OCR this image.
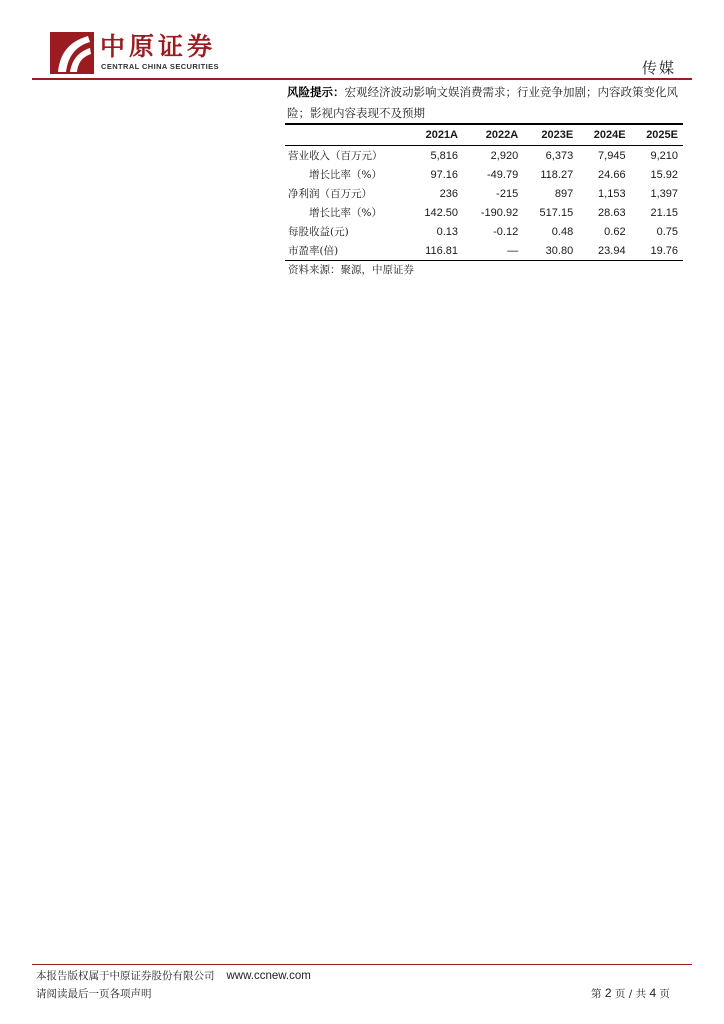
中原证券
CENTRAL CHINA SECURITIES	传媒
风险提示：宏观经济波动影响文娱消费需求；行业竞争加剧；内容政策变化风险；影视内容表现不及预期
	2021A	2022A	2023E	2024E	2025E
营业收入（百万元）	5,816	2,920	6,373	7,945	9,210
增长比率（%）	97.16	-49.79	118.27	24.66	15.92
净利润（百万元）	236	-215	897	1,153	1,397
增长比率（%）	142.50	-190.92	517.15	28.63	21.15
每股收益(元)	0.13	-0.12	0.48	0.62	0.75
市盈率(倍)	116.81	—	30.80	23.94	19.76
资料来源：聚源，中原证券
本报告版权属于中原证券股份有限公司 www.ccnew.com
请阅读最后一页各项声明	第 2 页 / 共 4 页
